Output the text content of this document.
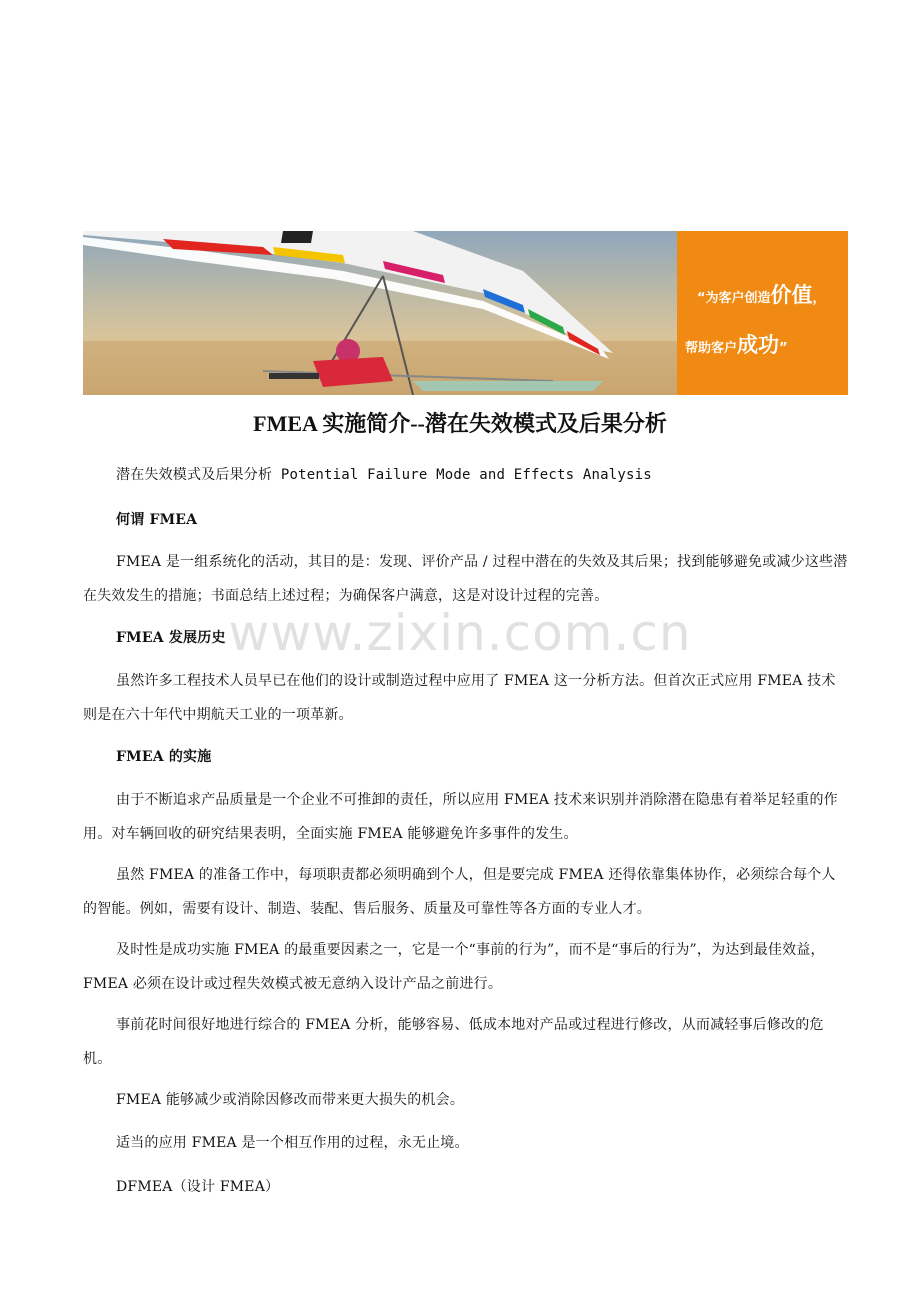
“为客户创造价值，
帮助客户成功”
FMEA 实施简介--潜在失效模式及后果分析
www.zixin.com.cn

潜在失效模式及后果分析 Potential Failure Mode and Effects Analysis

何谓 FMEA

FMEA 是一组系统化的活动，其目的是：发现、评价产品 / 过程中潜在的失效及其后果；找到能够避免或减少这些潜在失效发生的措施；书面总结上述过程；为确保客户满意，这是对设计过程的完善。

FMEA 发展历史

虽然许多工程技术人员早已在他们的设计或制造过程中应用了 FMEA 这一分析方法。但首次正式应用 FMEA 技术则是在六十年代中期航天工业的一项革新。

FMEA 的实施

由于不断追求产品质量是一个企业不可推卸的责任，所以应用 FMEA 技术来识别并消除潜在隐患有着举足轻重的作用。对车辆回收的研究结果表明，全面实施 FMEA 能够避免许多事件的发生。

虽然 FMEA 的准备工作中，每项职责都必须明确到个人，但是要完成 FMEA 还得依靠集体协作，必须综合每个人的智能。例如，需要有设计、制造、装配、售后服务、质量及可靠性等各方面的专业人才。

及时性是成功实施 FMEA 的最重要因素之一，它是一个“事前的行为”，而不是“事后的行为”，为达到最佳效益，FMEA 必须在设计或过程失效模式被无意纳入设计产品之前进行。

事前花时间很好地进行综合的 FMEA 分析，能够容易、低成本地对产品或过程进行修改，从而减轻事后修改的危机。

FMEA 能够减少或消除因修改而带来更大损失的机会。

适当的应用 FMEA 是一个相互作用的过程，永无止境。

DFMEA（设计 FMEA）
